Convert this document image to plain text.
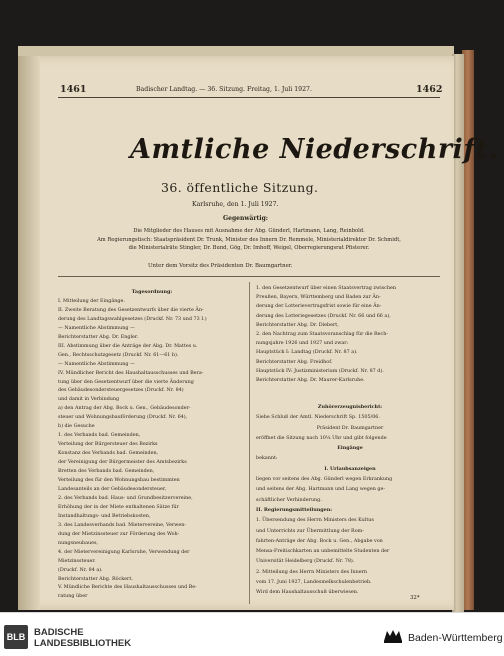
1461	Badischer Landtag. — 36. Sitzung. Freitag, 1. Juli 1927.	1462
Amtliche Niederschrift.
36. öffentliche Sitzung.
Karlsruhe, den 1. Juli 1927.
Gegenwärtig:
Die Mitglieder des Hauses mit Ausnahme der Abg. Günderl, Hartmann, Lang, Reinbold.
Am Regierungstisch: Staatspräsident Dr. Trunk, Minister des Innern Dr. Remmele, Ministerialdirektor Dr. Schmidt,
die Ministerialräte Stingler, Dr. Bund, Gög, Dr. Imhoff, Weigel, Oberregierungsrat Pfisterer.
Unter dem Vorsitz des Präsidenten Dr. Baumgartner.
Tagesordnung:
I. Mitteilung der Eingänge.
II. Zweite Beratung des Gesetzentwurfs über die vierte Än-
derung des Landtagswahlgesetzes (Druckf. Nr. 73 und 73 I.)
— Namentliche Abstimmung —
Berichterstatter Abg. Dr. Engler.
III. Abstimmung über die Anträge der Abg. Dr. Mattes u.
Gen., Rechtsschutzgesetz (Druckf. Nr. 61—61 b).
— Namentliche Abstimmung —
IV. Mündlicher Bericht des Haushaltausschusses und Bera-
tung über den Gesetzentwurf über die vierte Änderung
des Gebäudesondersteuergesetzes (Druckf. Nr. 84)
und damit in Verbindung
a) den Antrag der Abg. Bock u. Gen., Gebäudesonder-
steuer und Wohnungsbauförderung (Druckf. Nr. 64),
b) die Gesuche
1. des Verbands bad. Gemeinden,
Verteilung der Bürgersteuer des Bezirks
Konstanz des Verbands bad. Gemeinden,
der Vereinigung der Bürgermeister des Amtsbezirks
Bretten des Verbands bad. Gemeinden,
Verteilung des für den Wohnungsbau bestimmten
Landesanteils an der Gebäudesondersteuer,
2. des Verbands bad. Haus- und Grundbesitzervereine,
Erhöhung der in der Miete enthaltenen Sätze für
Instandhaltungs- und Betriebskosten,
3. des Landesverbands bad. Mietervereine, Verwen-
dung der Mietzinssteuer zur Förderung des Woh-
nungsneubaues,
4. der Mietervereinigung Karlsruhe, Verwendung der
Mietzinssteuer.
(Druckf. Nr. 84 a).
Berichterstatter Abg. Röckert.
V. Mündliche Berichte des Haushaltausschusses und Be-
ratung über
1. den Gesetzentwurf über einen Staatsvertrag zwischen
Preußen, Bayern, Württemberg und Baden zur Än-
derung der Lotterievertragsfrist sowie für eine Än-
derung des Lotteriegesetzes (Druckf. Nr. 66 und 66 a),
Berichterstatter Abg. Dr. Diebert,
2. den Nachtrag zum Staatsvoranschlag für die Rech-
nungsjahre 1926 und 1927 und zwar:
Hauptstück I: Landtag (Druckf. Nr. 87 a).
Berichterstatter Abg. Freidhof.
Hauptstück IV: Justizministerium (Druckf. Nr. 87 d).
Berichterstatter Abg. Dr. Maurer-Karlsruhe.
Zuhörerzeugnisbericht:
Siehe Schluß der Amtl. Niederschrift Sp. 1505/06.
Präsident Dr. Baumgartner
eröffnet die Sitzung nach 10¼ Uhr und gibt folgende
Eingänge
bekannt:
I. Urlaubsanzeigen
liegen vor seitens des Abg. Günderl wegen Erkrankung
und seitens der Abg. Hartmann und Lang wegen ge-
schäftlicher Verhinderung.
II. Regierungsmitteilungen:
1. Übersendung des Herrn Ministers des Kultus
und Unterrichts zur Übermittlung der Rom-
fahrten-Anträge der Abg. Bock u. Gen., Abgabe von
Mensa-Freitischkarten an unbemittelte Studenten der
Universität Heidelberg (Druckf. Nr. 78).
2. Mitteilung des Herrn Ministers des Innern
vom 17. Juni 1927, Landesmelkschulenbetrieb.
Wird dem Haushaltausschuß überwiesen.
32*
BLB BADISCHE
LANDESBIBLIOTHEK	Baden-Württemberg
